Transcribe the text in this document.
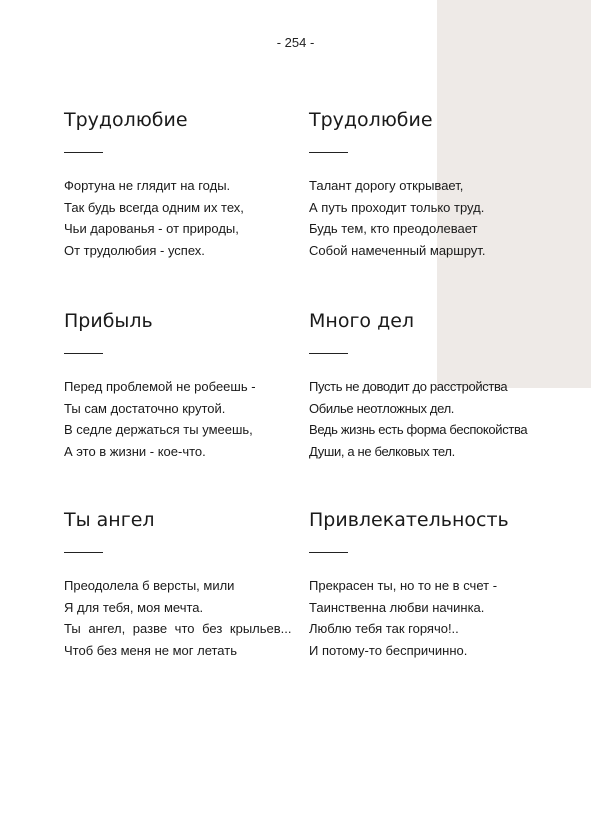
- 254 -
Трудолюбие
Фортуна не глядит на годы.
Так будь всегда одним их тех,
Чьи дарованья - от природы,
От трудолюбия - успех.
Трудолюбие
Талант дорогу открывает,
А путь проходит только труд.
Будь тем, кто преодолевает
Собой намеченный маршрут.
Прибыль
Перед проблемой не робеешь -
Ты сам достаточно крутой.
В седле держаться ты умеешь,
А это в жизни - кое-что.
Много дел
Пусть не доводит до расстройства
Обилье неотложных дел.
Ведь жизнь есть форма беспокойства
Души, а не белковых тел.
Ты ангел
Преодолела б версты, мили
Я для тебя, моя мечта.
Ты ангел, разве что без крыльев...
Чтоб без меня не мог летать
Привлекательность
Прекрасен ты, но то не в счет -
Таинственна любви начинка.
Люблю тебя так горячо!..
И потому-то беспричинно.
